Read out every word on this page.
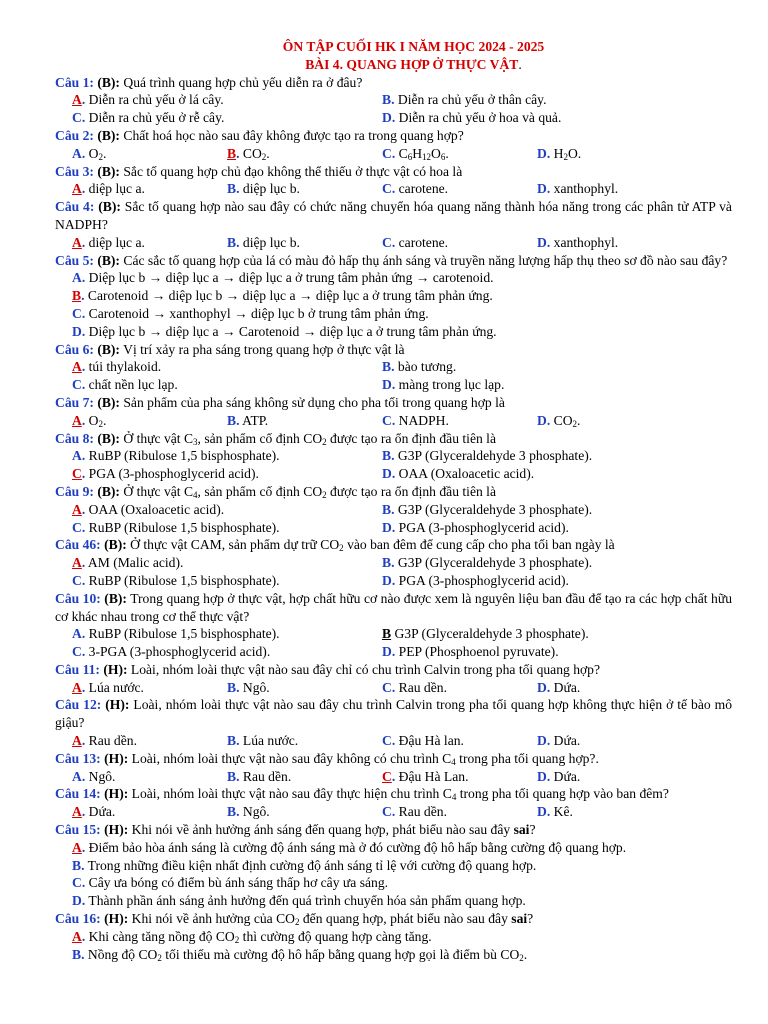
ÔN TẬP CUỐI HK I NĂM HỌC 2024 - 2025
BÀI 4. QUANG HỢP Ở THỰC VẬT.
Câu 1: (B): Quá trình quang hợp chủ yếu diễn ra ở đâu?
A. Diễn ra chủ yếu ở lá cây.	B. Diễn ra chủ yếu ở thân cây.
C. Diễn ra chủ yếu ở rễ cây.	D. Diễn ra chủ yếu ở hoa và quả.
Câu 2: (B): Chất hoá học nào sau đây không được tạo ra trong quang hợp?
A. $O_2$.	B. $CO_2$.	C. $C_6H_{12}O_6$.	D. $H_2O$.
Câu 3: (B): Sắc tố quang hợp chủ đạo không thể thiếu ở thực vật có hoa là
A. diệp lục a.	B. diệp lục b.	C. carotene.	D. xanthophyl.
Câu 4: (B): Sắc tố quang hợp nào sau đây có chức năng chuyển hóa quang năng thành hóa năng trong các phân tử ATP và NADPH?
A. diệp lục a.	B. diệp lục b.	C. carotene.	D. xanthophyl.
Câu 5: (B): Các sắc tố quang hợp của lá có màu đỏ hấp thụ ánh sáng và truyền năng lượng hấp thụ theo sơ đồ nào sau đây?
A. Diệp lục b → diệp lục a → diệp lục a ở trung tâm phản ứng → carotenoid.
B. Carotenoid → diệp lục b → diệp lục a → diệp lục a ở trung tâm phản ứng.
C. Carotenoid → xanthophyl → diệp lục b ở trung tâm phản ứng.
D. Diệp lục b → diệp lục a → Carotenoid → diệp lục a ở trung tâm phản ứng.
Câu 6: (B): Vị trí xảy ra pha sáng trong quang hợp ở thực vật là
A. túi thylakoid.	B. bào tương.
C. chất nền lục lạp.	D. màng trong lục lạp.
Câu 7: (B): Sản phẩm của pha sáng không sử dụng cho pha tối trong quang hợp là
A. $O_2$.	B. ATP.	C. NADPH.	D. $CO_2$.
Câu 8: (B): Ở thực vật $C_3$, sản phẩm cố định $CO_2$ được tạo ra ổn định đầu tiên là
A. RuBP (Ribulose 1,5 bisphosphate).	B. G3P (Glyceraldehyde 3 phosphate).
C. PGA (3-phosphoglycerid acid).	D. OAA (Oxaloacetic acid).
Câu 9: (B): Ở thực vật $C_4$, sản phẩm cố định $CO_2$ được tạo ra ổn định đầu tiên là
A. OAA (Oxaloacetic acid).	B. G3P (Glyceraldehyde 3 phosphate).
C. RuBP (Ribulose 1,5 bisphosphate).	D. PGA (3-phosphoglycerid acid).
Câu 46: (B): Ở thực vật CAM, sản phẩm dự trữ $CO_2$ vào ban đêm để cung cấp cho pha tối ban ngày là
A. AM (Malic acid).	B. G3P (Glyceraldehyde 3 phosphate).
C. RuBP (Ribulose 1,5 bisphosphate).	D. PGA (3-phosphoglycerid acid).
Câu 10: (B): Trong quang hợp ở thực vật, hợp chất hữu cơ nào được xem là nguyên liệu ban đầu để tạo ra các hợp chất hữu cơ khác nhau trong cơ thể thực vật?
A. RuBP (Ribulose 1,5 bisphosphate).	B G3P (Glyceraldehyde 3 phosphate).
C. 3-PGA (3-phosphoglycerid acid).	D. PEP (Phosphoenol pyruvate).
Câu 11: (H): Loài, nhóm loài thực vật nào sau đây chỉ có chu trình Calvin trong pha tối quang hợp?
A. Lúa nước.	B. Ngô.	C. Rau dền.	D. Dứa.
Câu 12: (H): Loài, nhóm loài thực vật nào sau đây chu trình Calvin trong pha tối quang hợp không thực hiện ở tế bào mô giậu?
A. Rau dền.	B. Lúa nước.	C. Đậu Hà lan.	D. Dứa.
Câu 13: (H): Loài, nhóm loài thực vật nào sau đây không có chu trình $C_4$ trong pha tối quang hợp?.
A. Ngô.	B. Rau dền.	C. Đậu Hà Lan.	D. Dứa.
Câu 14: (H): Loài, nhóm loài thực vật nào sau đây thực hiện chu trình $C_4$ trong pha tối quang hợp vào ban đêm?
A. Dứa.	B. Ngô.	C. Rau dền.	D. Kê.
Câu 15: (H): Khi nói về ảnh hưởng ánh sáng đến quang hợp, phát biểu nào sau đây sai?
A. Điểm bảo hòa ánh sáng là cường độ ánh sáng mà ở đó cường độ hô hấp bằng cường độ quang hợp.
B. Trong những điều kiện nhất định cường độ ánh sáng tỉ lệ với cường độ quang hợp.
C. Cây ưa bóng có điểm bù ánh sáng thấp hơ cây ưa sáng.
D. Thành phần ánh sáng ảnh hưởng đến quá trình chuyển hóa sản phẩm quang hợp.
Câu 16: (H): Khi nói về ảnh hưởng của $CO_2$ đến quang hợp, phát biểu nào sau đây sai?
A. Khi càng tăng nồng độ $CO_2$ thì cường độ quang hợp càng tăng.
B. Nồng độ $CO_2$ tối thiếu mà cường độ hô hấp bằng quang hợp gọi là điểm bù $CO_2$.
